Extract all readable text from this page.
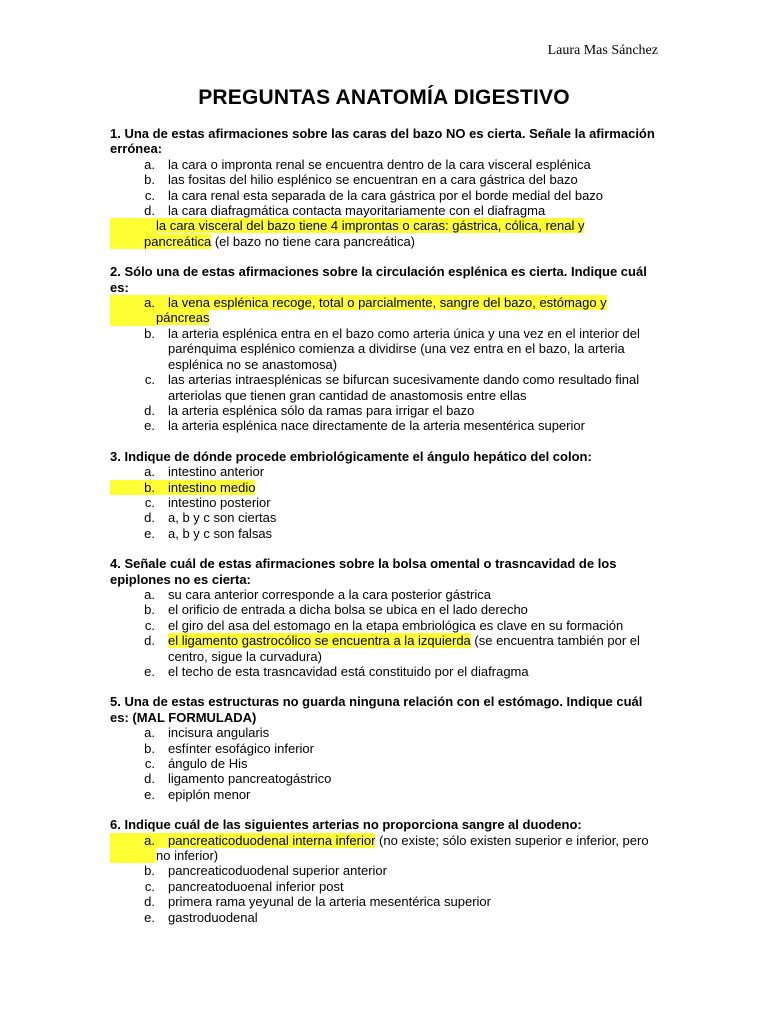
Laura Mas Sánchez
PREGUNTAS ANATOMÍA DIGESTIVO
1. Una de estas afirmaciones sobre las caras del bazo NO es cierta. Señale la afirmación errónea:
a.	la cara o impronta renal se encuentra dentro de la cara visceral esplénica
b.	las fositas del hilio esplénico se encuentran en a cara gástrica del bazo
c.	la cara renal esta separada de la cara gástrica por el borde medial del bazo
d.	la cara diafragmática contacta mayoritariamente con el diafragma
la cara visceral del bazo tiene 4 improntas o caras: gástrica, cólica, renal y pancreática (el bazo no tiene cara pancreática)
2. Sólo una de estas afirmaciones sobre la circulación esplénica es cierta. Indique cuál es:
a.	la vena esplénica recoge, total o parcialmente, sangre del bazo, estómago y páncreas
b.	la arteria esplénica entra en el bazo como arteria única y una vez en el interior del parénquima esplénico comienza a dividirse (una vez entra en el bazo, la arteria esplénica no se anastomosa)
c.	las arterias intraesplénicas se bifurcan sucesivamente dando como resultado final arteriolas que tienen gran cantidad de anastomosis entre ellas
d.	la arteria esplénica sólo da ramas para irrigar el bazo
e.	la arteria esplénica nace directamente de la arteria mesentérica superior
3. Indique de dónde procede embriológicamente el ángulo hepático del colon:
a.	intestino anterior
b.	intestino medio
c.	intestino posterior
d.	a, b y c son ciertas
e.	a, b y c son falsas
4. Señale cuál de estas afirmaciones sobre la bolsa omental o trasncavidad de los epiplones no es cierta:
a.	su cara anterior corresponde a la cara posterior gástrica
b.	el orificio de entrada a dicha bolsa se ubica en el lado derecho
c.	el giro del asa del estomago en la etapa embriológica es clave en su formación
d.	el ligamento gastrocólico se encuentra a la izquierda (se encuentra también por el centro, sigue la curvadura)
e.	el techo de esta trasncavidad está constituido por el diafragma
5. Una de estas estructuras no guarda ninguna relación con el estómago. Indique cuál es: (MAL FORMULADA)
a.	incisura angularis
b.	esfínter esofágico inferior
c.	ángulo de His
d.	ligamento pancreatogástrico
e.	epiplón menor
6. Indique cuál de las siguientes arterias no proporciona sangre al duodeno:
a.	pancreaticoduodenal interna inferior (no existe; sólo existen superior e inferior, pero no inferior)
b.	pancreaticoduodenal superior anterior
c.	pancreatoduoenal inferior post
d.	primera rama yeyunal de la arteria mesentérica superior
e.	gastroduodenal
